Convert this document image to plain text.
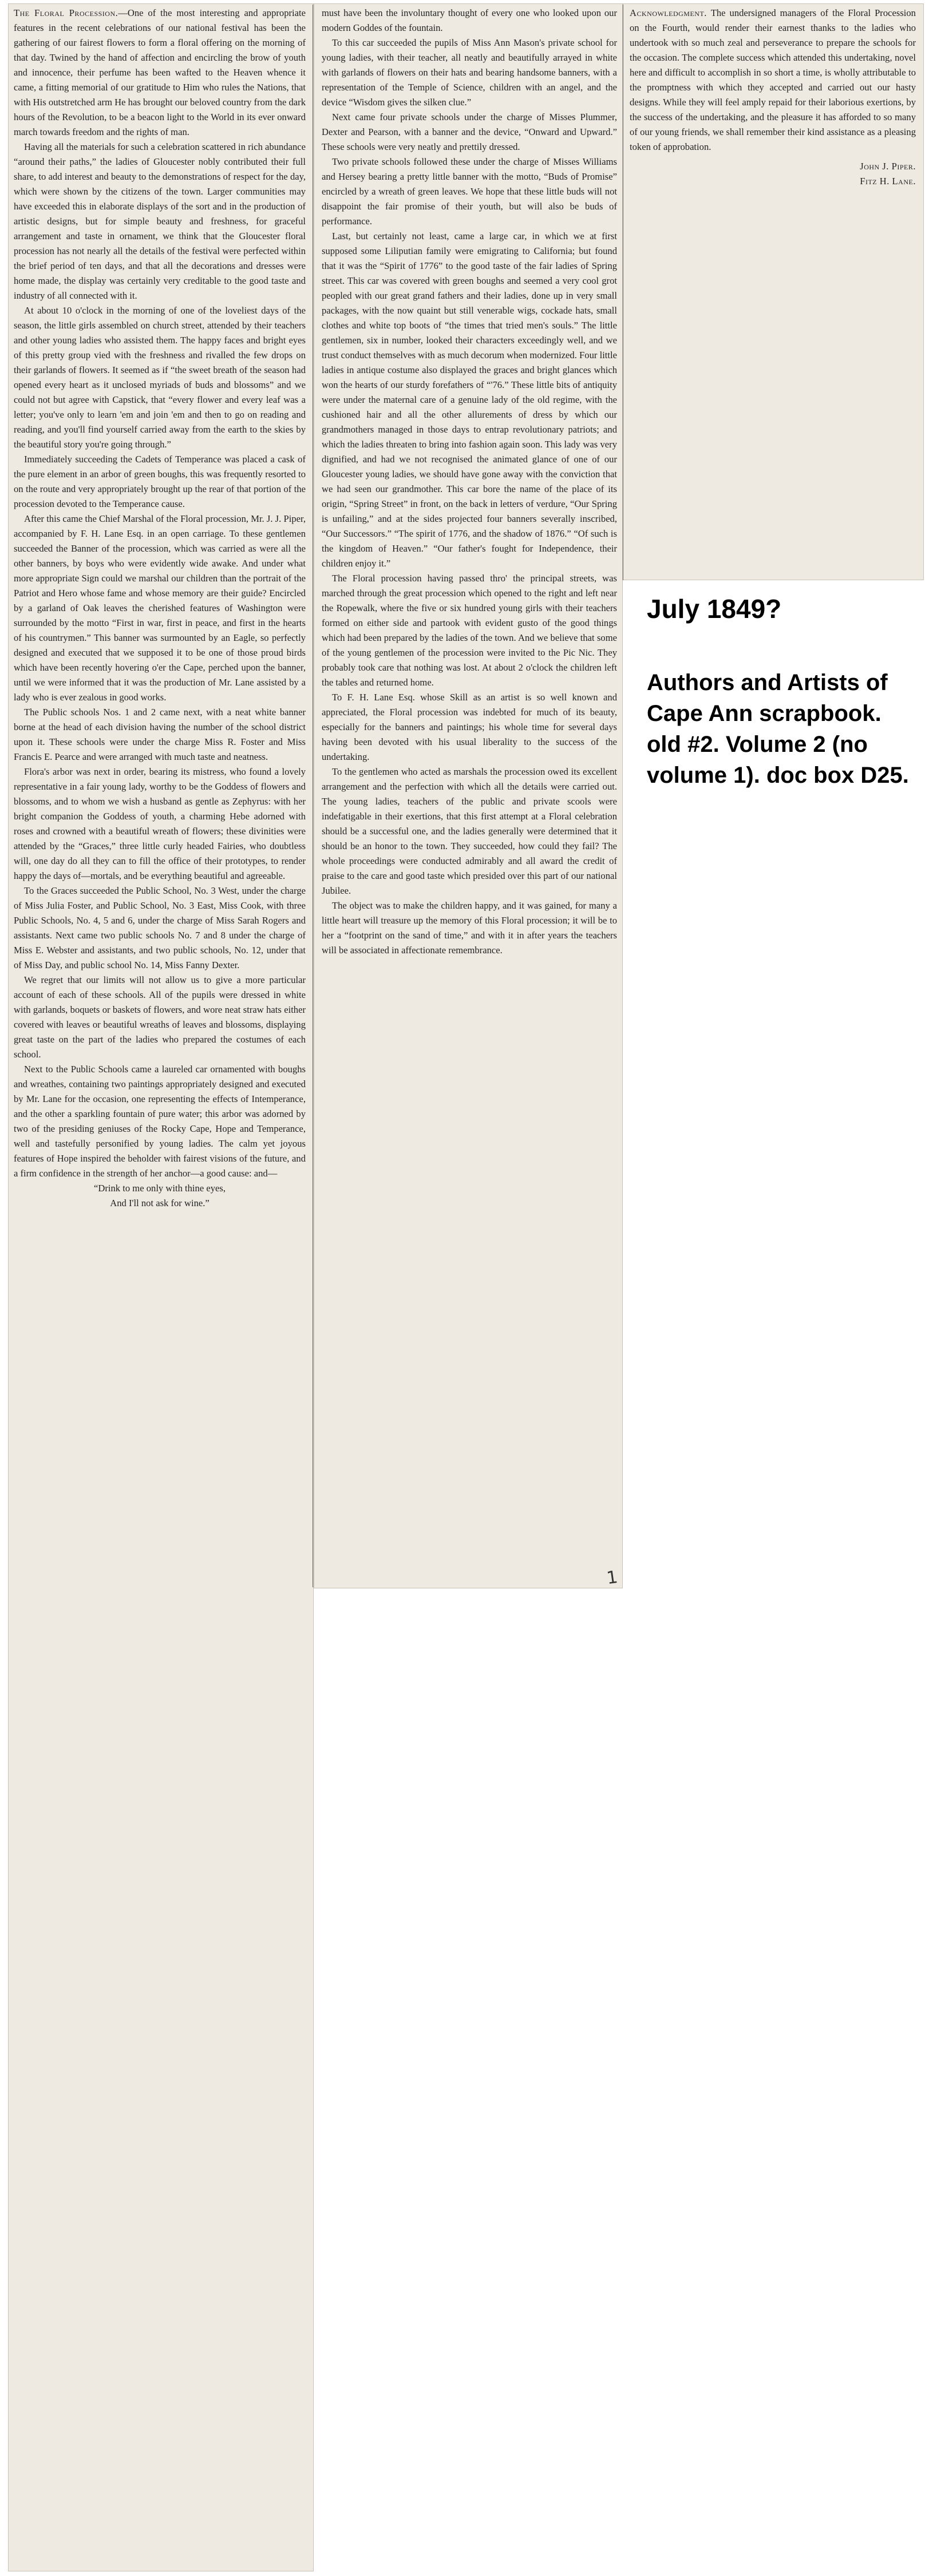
The Floral Procession.—One of the most interesting and appropriate features in the recent celebrations of our national festival has been the gathering of our fairest flowers to form a floral offering on the morning of that day. Twined by the hand of affection and encircling the brow of youth and innocence, their perfume has been wafted to the Heaven whence it came, a fitting memorial of our gratitude to Him who rules the Nations, that with His outstretched arm He has brought our beloved country from the dark hours of the Revolution, to be a beacon light to the World in its ever onward march towards freedom and the rights of man.

Having all the materials for such a celebration scattered in rich abundance “around their paths,” the ladies of Gloucester nobly contributed their full share, to add interest and beauty to the demonstrations of respect for the day, which were shown by the citizens of the town. Larger communities may have exceeded this in elaborate displays of the sort and in the production of artistic designs, but for simple beauty and freshness, for graceful arrangement and taste in ornament, we think that the Gloucester floral procession has not nearly all the details of the festival were perfected within the brief period of ten days, and that all the decorations and dresses were home made, the display was certainly very creditable to the good taste and industry of all connected with it.

At about 10 o'clock in the morning of one of the loveliest days of the season, the little girls assembled on church street, attended by their teachers and other young ladies who assisted them. The happy faces and bright eyes of this pretty group vied with the freshness and rivalled the few drops on their garlands of flowers. It seemed as if “the sweet breath of the season had opened every heart as it unclosed myriads of buds and blossoms” and we could not but agree with Capstick, that “every flower and every leaf was a letter; you've only to learn 'em and join 'em and then to go on reading and reading, and you'll find yourself carried away from the earth to the skies by the beautiful story you're going through.”

Immediately succeeding the Cadets of Temperance was placed a cask of the pure element in an arbor of green boughs, this was frequently resorted to on the route and very appropriately brought up the rear of that portion of the procession devoted to the Temperance cause.

After this came the Chief Marshal of the Floral procession, Mr. J. J. Piper, accompanied by F. H. Lane Esq. in an open carriage. To these gentlemen succeeded the Banner of the procession, which was carried as were all the other banners, by boys who were evidently wide awake. And under what more appropriate Sign could we marshal our children than the portrait of the Patriot and Hero whose fame and whose memory are their guide? Encircled by a garland of Oak leaves the cherished features of Washington were surrounded by the motto “First in war, first in peace, and first in the hearts of his countrymen.” This banner was surmounted by an Eagle, so perfectly designed and executed that we supposed it to be one of those proud birds which have been recently hovering o'er the Cape, perched upon the banner, until we were informed that it was the production of Mr. Lane assisted by a lady who is ever zealous in good works.

The Public schools Nos. 1 and 2 came next, with a neat white banner borne at the head of each division having the number of the school district upon it. These schools were under the charge Miss R. Foster and Miss Francis E. Pearce and were arranged with much taste and neatness.

Flora's arbor was next in order, bearing its mistress, who found a lovely representative in a fair young lady, worthy to be the Goddess of flowers and blossoms, and to whom we wish a husband as gentle as Zephyrus: with her bright companion the Goddess of youth, a charming Hebe adorned with roses and crowned with a beautiful wreath of flowers; these divinities were attended by the “Graces,” three little curly headed Fairies, who doubtless will, one day do all they can to fill the office of their prototypes, to render happy the days of—mortals, and be everything beautiful and agreeable.

To the Graces succeeded the Public School, No. 3 West, under the charge of Miss Julia Foster, and Public School, No. 3 East, Miss Cook, with three Public Schools, No. 4, 5 and 6, under the charge of Miss Sarah Rogers and assistants. Next came two public schools No. 7 and 8 under the charge of Miss E. Webster and assistants, and two public schools, No. 12, under that of Miss Day, and public school No. 14, Miss Fanny Dexter.

We regret that our limits will not allow us to give a more particular account of each of these schools. All of the pupils were dressed in white with garlands, boquets or baskets of flowers, and wore neat straw hats either covered with leaves or beautiful wreaths of leaves and blossoms, displaying great taste on the part of the ladies who prepared the costumes of each school.

Next to the Public Schools came a laureled car ornamented with boughs and wreathes, containing two paintings appropriately designed and executed by Mr. Lane for the occasion, one representing the effects of Intemperance, and the other a sparkling fountain of pure water; this arbor was adorned by two of the presiding geniuses of the Rocky Cape, Hope and Temperance, well and tastefully personified by young ladies. The calm yet joyous features of Hope inspired the beholder with fairest visions of the future, and a firm confidence in the strength of her anchor—a good cause: and—

“Drink to me only with thine eyes,

And I'll not ask for wine.”

must have been the involuntary thought of every one who looked upon our modern Goddes of the fountain.

To this car succeeded the pupils of Miss Ann Mason's private school for young ladies, with their teacher, all neatly and beautifully arrayed in white with garlands of flowers on their hats and bearing handsome banners, with a representation of the Temple of Science, children with an angel, and the device “Wisdom gives the silken clue.”

Next came four private schools under the charge of Misses Plummer, Dexter and Pearson, with a banner and the device, “Onward and Upward.” These schools were very neatly and prettily dressed.

Two private schools followed these under the charge of Misses Williams and Hersey bearing a pretty little banner with the motto, “Buds of Promise” encircled by a wreath of green leaves. We hope that these little buds will not disappoint the fair promise of their youth, but will also be buds of performance.

Last, but certainly not least, came a large car, in which we at first supposed some Liliputian family were emigrating to California; but found that it was the “Spirit of 1776” to the good taste of the fair ladies of Spring street. This car was covered with green boughs and seemed a very cool grot peopled with our great grand fathers and their ladies, done up in very small packages, with the now quaint but still venerable wigs, cockade hats, small clothes and white top boots of “the times that tried men's souls.” The little gentlemen, six in number, looked their characters exceedingly well, and we trust conduct themselves with as much decorum when modernized. Four little ladies in antique costume also displayed the graces and bright glances which won the hearts of our sturdy forefathers of “'76.” These little bits of antiquity were under the maternal care of a genuine lady of the old regime, with the cushioned hair and all the other allurements of dress by which our grandmothers managed in those days to entrap revolutionary patriots; and which the ladies threaten to bring into fashion again soon. This lady was very dignified, and had we not recognised the animated glance of one of our Gloucester young ladies, we should have gone away with the conviction that we had seen our grandmother. This car bore the name of the place of its origin, “Spring Street” in front, on the back in letters of verdure, “Our Spring is unfailing,” and at the sides projected four banners severally inscribed, “Our Successors.” “The spirit of 1776, and the shadow of 1876.” “Of such is the kingdom of Heaven.” “Our father's fought for Independence, their children enjoy it.”

The Floral procession having passed thro' the principal streets, was marched through the great procession which opened to the right and left near the Ropewalk, where the five or six hundred young girls with their teachers formed on either side and partook with evident gusto of the good things which had been prepared by the ladies of the town. And we believe that some of the young gentlemen of the procession were invited to the Pic Nic. They probably took care that nothing was lost. At about 2 o'clock the children left the tables and returned home.

To F. H. Lane Esq. whose Skill as an artist is so well known and appreciated, the Floral procession was indebted for much of its beauty, especially for the banners and paintings; his whole time for several days having been devoted with his usual liberality to the success of the undertaking.

To the gentlemen who acted as marshals the procession owed its excellent arrangement and the perfection with which all the details were carried out. The young ladies, teachers of the public and private scools were indefatigable in their exertions, that this first attempt at a Floral celebration should be a successful one, and the ladies generally were determined that it should be an honor to the town. They succeeded, how could they fail? The whole proceedings were conducted admirably and all award the credit of praise to the care and good taste which presided over this part of our national Jubilee.

The object was to make the children happy, and it was gained, for many a little heart will treasure up the memory of this Floral procession; it will be to her a “footprint on the sand of time,” and with it in after years the teachers will be associated in affectionate remembrance.

Acknowledgment. The undersigned managers of the Floral Procession on the Fourth, would render their earnest thanks to the ladies who undertook with so much zeal and perseverance to prepare the schools for the occasion. The complete success which attended this undertaking, novel here and difficult to accomplish in so short a time, is wholly attributable to the promptness with which they accepted and carried out our hasty designs. While they will feel amply repaid for their laborious exertions, by the success of the undertaking, and the pleasure it has afforded to so many of our young friends, we shall remember their kind assistance as a pleasing token of approbation.

John J. Piper.

Fitz H. Lane.

1
July 1849?
Authors and Artists of Cape Ann scrapbook. old #2. Volume 2 (no volume 1). doc box D25.
